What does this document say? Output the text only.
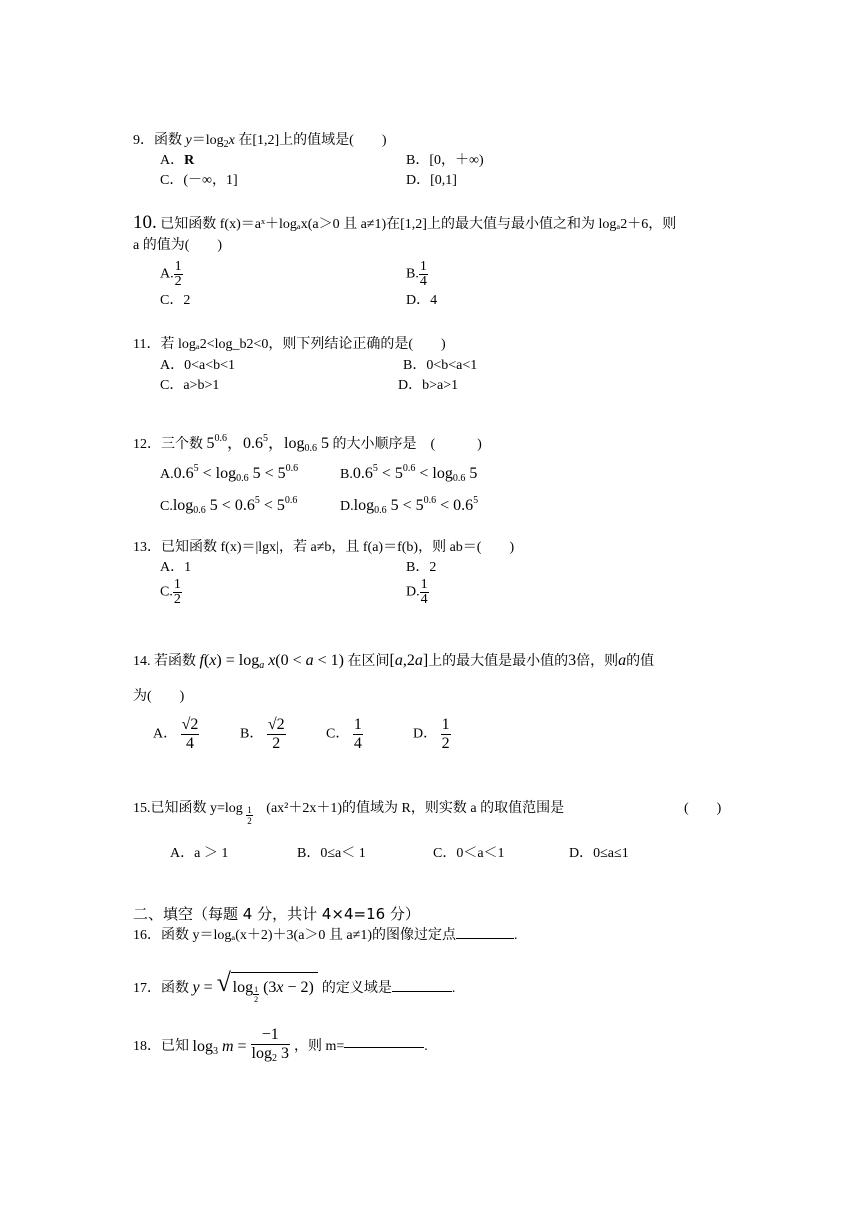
9．函数 $y=\log_2x$ 在[1,2]上的值域是(　　)
A．R	B．[0，＋∞)
C．(－∞，1]	D．[0,1]
10. 已知函数 f(x)＝aˣ＋logₐx(a＞0 且 a≠1)在[1,2]上的最大值与最小值之和为 logₐ2＋6，则
a 的值为(　　)
A. $\frac{1}{2}$	B. $\frac{1}{4}$
C．2	D．4
11．若 logₐ2<log_b2<0，则下列结论正确的是(　　)
A．0<a<b<1	B．0<b<a<1
C．a>b>1	D．b>a>1
12．三个数 $5^{0.6}$，$0.6^5$，$\log_{0.6} 5$ 的大小顺序是　(　　　)
$A.0.6^5 < \log_{0.6} 5 < 5^{0.6}$	$B.0.6^5 < 5^{0.6} < \log_{0.6} 5$
$C.\log_{0.6}$ $5 < 0.6^5 < 5^{0.6}$	$D.\log_{0.6}$ $5 < 5^{0.6} < 0.6^5$
13．已知函数 f(x)＝|lgx|，若 a≠b，且 f(a)＝f(b)，则 ab＝(　　)
A．1	B．2
C. $\frac{1}{2}$	D. $\frac{1}{4}$
14. 若函数 $f(x) = \log_a x(0 < a < 1)$ 在区间[a,2a]上的最大值是最小值的3倍，则a的值
为(　　)
A． $\frac{√2}{4}$	B． $\frac{√2}{2}$	C． $\frac{1}{4}$	D． $\frac{1}{2}$
15.已知函数 $y=\log \frac{1}{2} (ax^2+2x+1)$的值域为 R，则实数 a 的取值范围是	(　　)
A．a ＞ 1	B．0≤a＜ 1	C．0＜a＜1	D．0≤a≤1
二、填空（每题 4 分，共计 4×4=16 分）
16．函数 y＝logₐ(x＋2)＋3(a＞0 且 a≠1)的图像过定点	.
17．函数 y = √ $\log \frac{1}{2} (3x - 2)$ 的定义域是	.
18．已知 $\log_3 m = \frac{-1}{\log_2 3}$ ，则 m=	.
